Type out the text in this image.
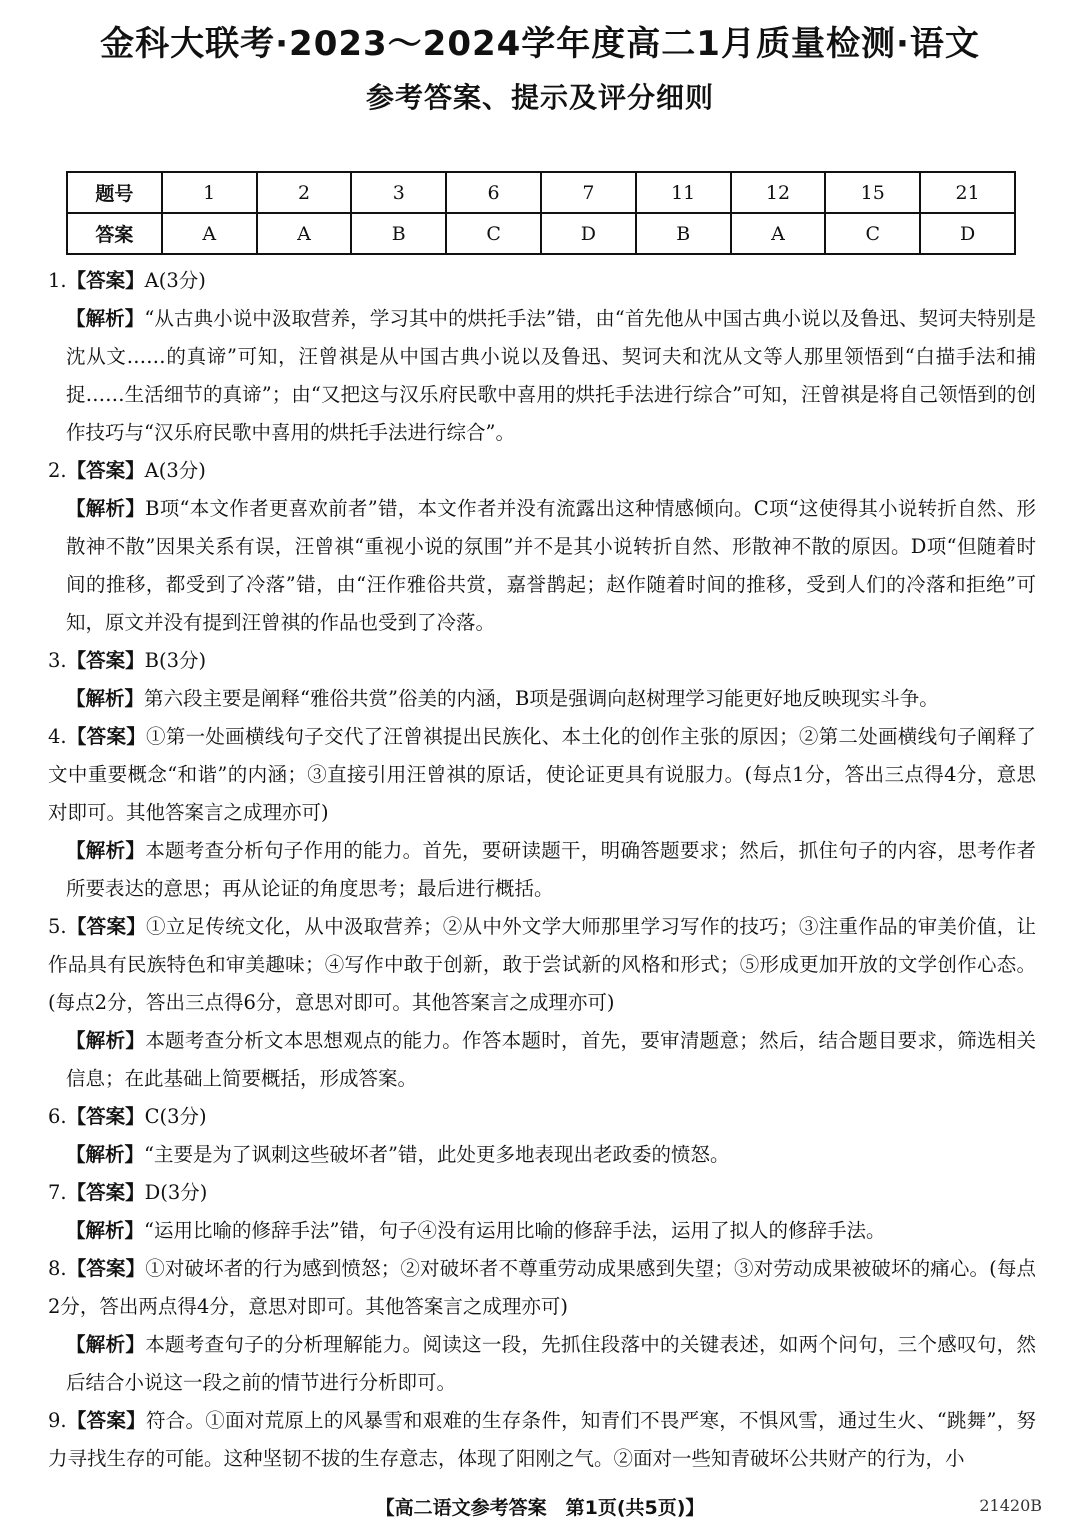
金科大联考·2023～2024学年度高二1月质量检测·语文
参考答案、提示及评分细则
题号	1	2	3	6	7	11	12	15	21
答案	A	A	B	C	D	B	A	C	D
1.【答案】A(3分)
【解析】“从古典小说中汲取营养，学习其中的烘托手法”错，由“首先他从中国古典小说以及鲁迅、契诃夫特别是沈从文……的真谛”可知，汪曾祺是从中国古典小说以及鲁迅、契诃夫和沈从文等人那里领悟到“白描手法和捕捉……生活细节的真谛”；由“又把这与汉乐府民歌中喜用的烘托手法进行综合”可知，汪曾祺是将自己领悟到的创作技巧与“汉乐府民歌中喜用的烘托手法进行综合”。
2.【答案】A(3分)
【解析】B项“本文作者更喜欢前者”错，本文作者并没有流露出这种情感倾向。C项“这使得其小说转折自然、形散神不散”因果关系有误，汪曾祺“重视小说的氛围”并不是其小说转折自然、形散神不散的原因。D项“但随着时间的推移，都受到了冷落”错，由“汪作雅俗共赏，嘉誉鹊起；赵作随着时间的推移，受到人们的冷落和拒绝”可知，原文并没有提到汪曾祺的作品也受到了冷落。
3.【答案】B(3分)
【解析】第六段主要是阐释“雅俗共赏”俗美的内涵，B项是强调向赵树理学习能更好地反映现实斗争。
4.【答案】①第一处画横线句子交代了汪曾祺提出民族化、本土化的创作主张的原因；②第二处画横线句子阐释了文中重要概念“和谐”的内涵；③直接引用汪曾祺的原话，使论证更具有说服力。(每点1分，答出三点得4分，意思对即可。其他答案言之成理亦可)
【解析】本题考查分析句子作用的能力。首先，要研读题干，明确答题要求；然后，抓住句子的内容，思考作者所要表达的意思；再从论证的角度思考；最后进行概括。
5.【答案】①立足传统文化，从中汲取营养；②从中外文学大师那里学习写作的技巧；③注重作品的审美价值，让作品具有民族特色和审美趣味；④写作中敢于创新，敢于尝试新的风格和形式；⑤形成更加开放的文学创作心态。(每点2分，答出三点得6分，意思对即可。其他答案言之成理亦可)
【解析】本题考查分析文本思想观点的能力。作答本题时，首先，要审清题意；然后，结合题目要求，筛选相关信息；在此基础上简要概括，形成答案。
6.【答案】C(3分)
【解析】“主要是为了讽刺这些破坏者”错，此处更多地表现出老政委的愤怒。
7.【答案】D(3分)
【解析】“运用比喻的修辞手法”错，句子④没有运用比喻的修辞手法，运用了拟人的修辞手法。
8.【答案】①对破坏者的行为感到愤怒；②对破坏者不尊重劳动成果感到失望；③对劳动成果被破坏的痛心。(每点2分，答出两点得4分，意思对即可。其他答案言之成理亦可)
【解析】本题考查句子的分析理解能力。阅读这一段，先抓住段落中的关键表述，如两个问句，三个感叹句，然后结合小说这一段之前的情节进行分析即可。
9.【答案】符合。①面对荒原上的风暴雪和艰难的生存条件，知青们不畏严寒，不惧风雪，通过生火、“跳舞”，努力寻找生存的可能。这种坚韧不拔的生存意志，体现了阳刚之气。②面对一些知青破坏公共财产的行为，小
【高二语文参考答案　第1页(共5页)】	21420B
